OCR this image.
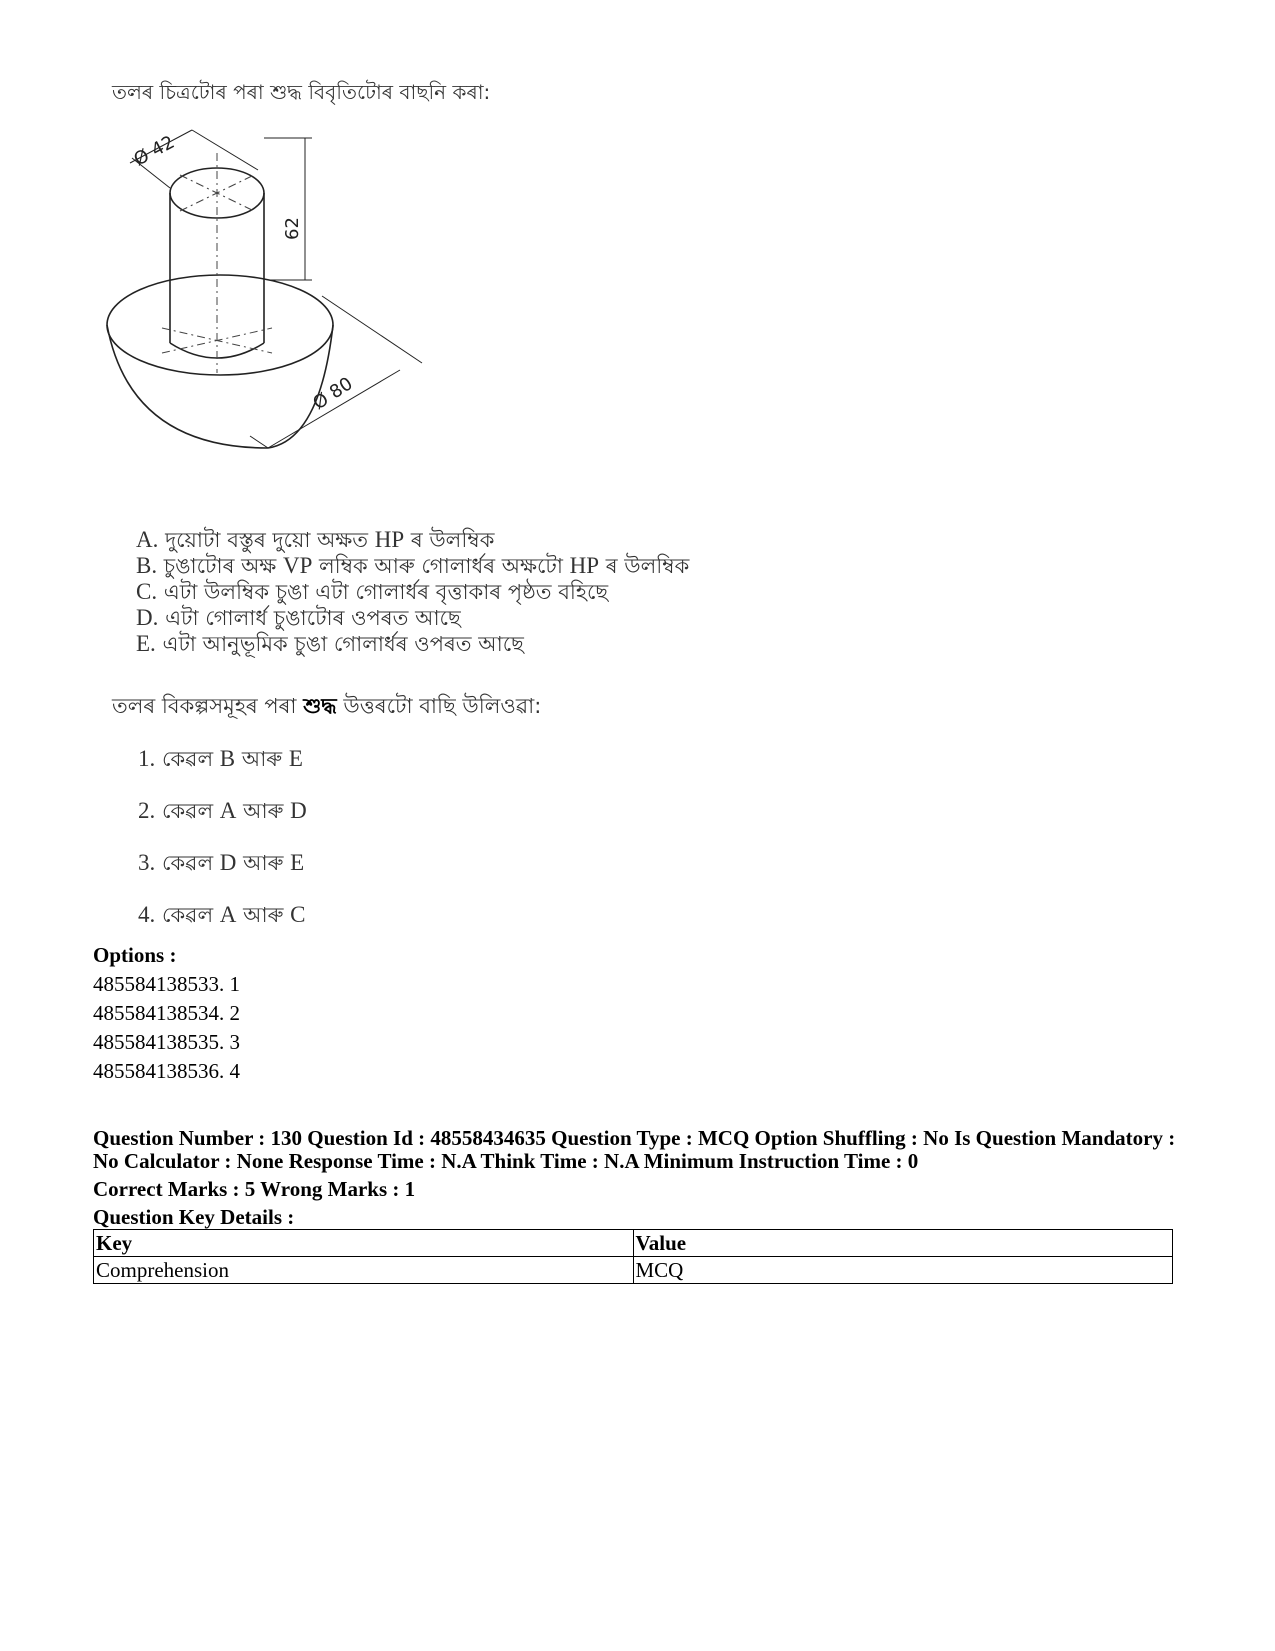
তলৰ চিত্ৰটোৰ পৰা শুদ্ধ বিবৃতিটোৰ বাছনি কৰা:
Ø 42
62
Ø 80
A. দুয়োটা বস্তুৰ দুয়ো অক্ষত HP ৰ উলম্বিক
B. চুঙাটোৰ অক্ষ VP লম্বিক আৰু গোলাৰ্ধৰ অক্ষটো HP ৰ উলম্বিক
C. এটা উলম্বিক চুঙা এটা গোলাৰ্ধৰ বৃত্তাকাৰ পৃষ্ঠত বহিছে
D. এটা গোলাৰ্ধ চুঙাটোৰ ওপৰত আছে
E. এটা আনুভূমিক চুঙা গোলাৰ্ধৰ ওপৰত আছে
তলৰ বিকল্পসমূহৰ পৰা শুদ্ধ উত্তৰটো বাছি উলিওৱা:
1. কেৱল B আৰু E
2. কেৱল A আৰু D
3. কেৱল D আৰু E
4. কেৱল A আৰু C
Options :
485584138533. 1
485584138534. 2
485584138535. 3
485584138536. 4
Question Number : 130 Question Id : 48558434635 Question Type : MCQ Option Shuffling : No Is Question Mandatory :
No Calculator : None Response Time : N.A Think Time : N.A Minimum Instruction Time : 0
Correct Marks : 5 Wrong Marks : 1
Question Key Details :
Key	Value
Comprehension	MCQ
